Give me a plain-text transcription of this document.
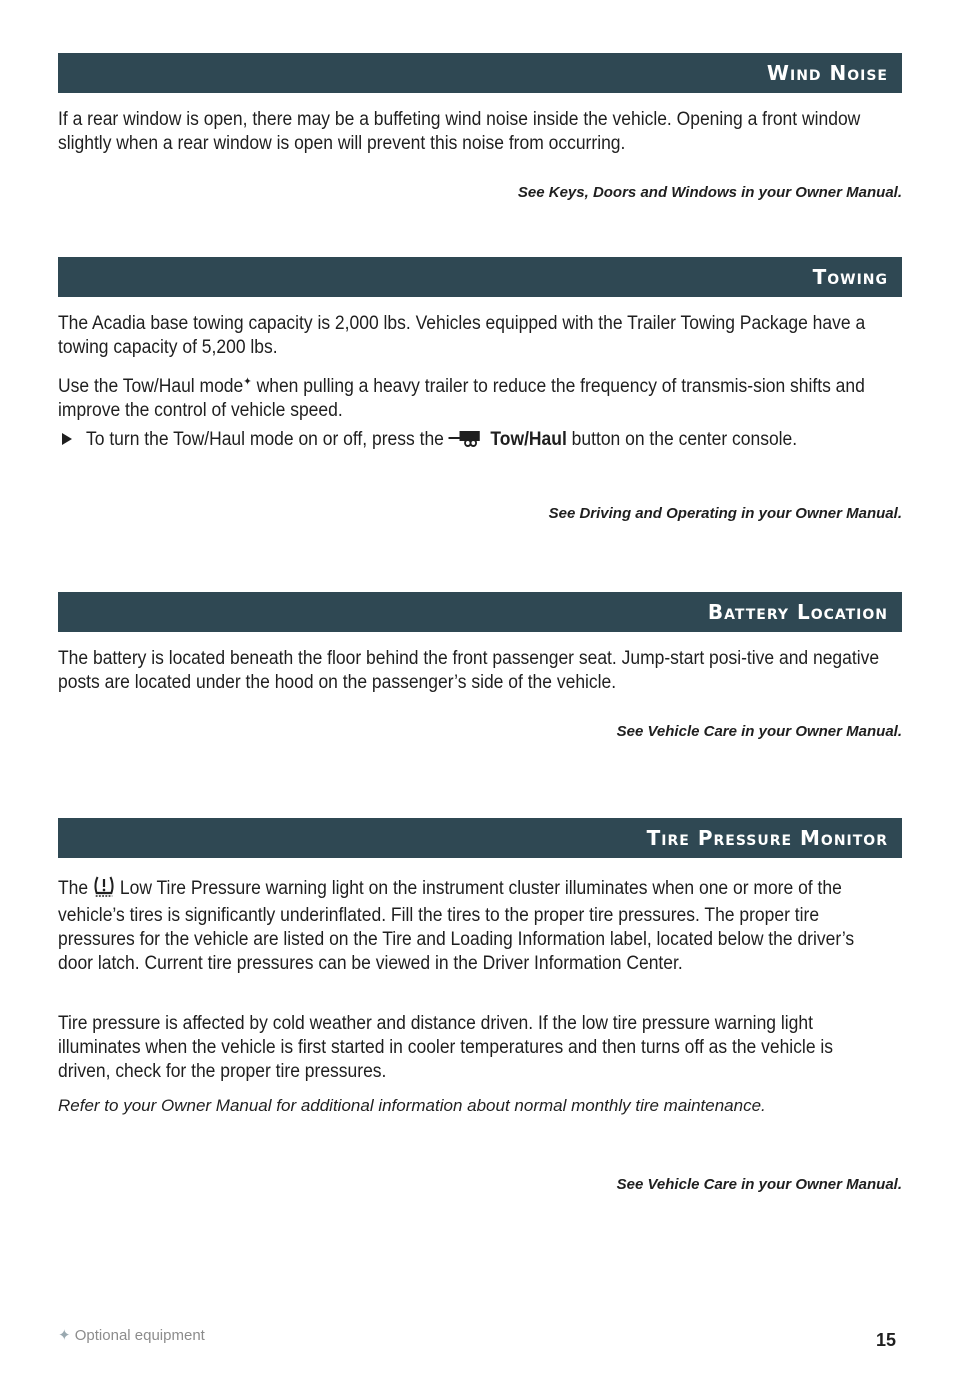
Wind Noise

If a rear window is open, there may be a buffeting wind noise inside the vehicle. Opening a front window slightly when a rear window is open will prevent this noise from occurring.

See Keys, Doors and Windows in your Owner Manual.

Towing

The Acadia base towing capacity is 2,000 lbs. Vehicles equipped with the Trailer Towing Package have a towing capacity of 5,200 lbs.

Use the Tow/Haul mode✦ when pulling a heavy trailer to reduce the frequency of transmis-sion shifts and improve the control of vehicle speed.

To turn the Tow/Haul mode on or off, press the  Tow/Haul button on the center console.

See Driving and Operating in your Owner Manual.

Battery Location

The battery is located beneath the floor behind the front passenger seat. Jump-start posi-tive and negative posts are located under the hood on the passenger’s side of the vehicle.

See Vehicle Care in your Owner Manual.

Tire Pressure Monitor

The  Low Tire Pressure warning light on the instrument cluster illuminates when one or more of the vehicle’s tires is significantly underinflated. Fill the tires to the proper tire pressures. The proper tire pressures for the vehicle are listed on the Tire and Loading Information label, located below the driver’s door latch. Current tire pressures can be viewed in the Driver Information Center.

Tire pressure is affected by cold weather and distance driven. If the low tire pressure warning light illuminates when the vehicle is first started in cooler temperatures and then turns off as the vehicle is driven, check for the proper tire pressures.

Refer to your Owner Manual for additional information about normal monthly tire maintenance.

See Vehicle Care in your Owner Manual.

✦ Optional equipment	15
